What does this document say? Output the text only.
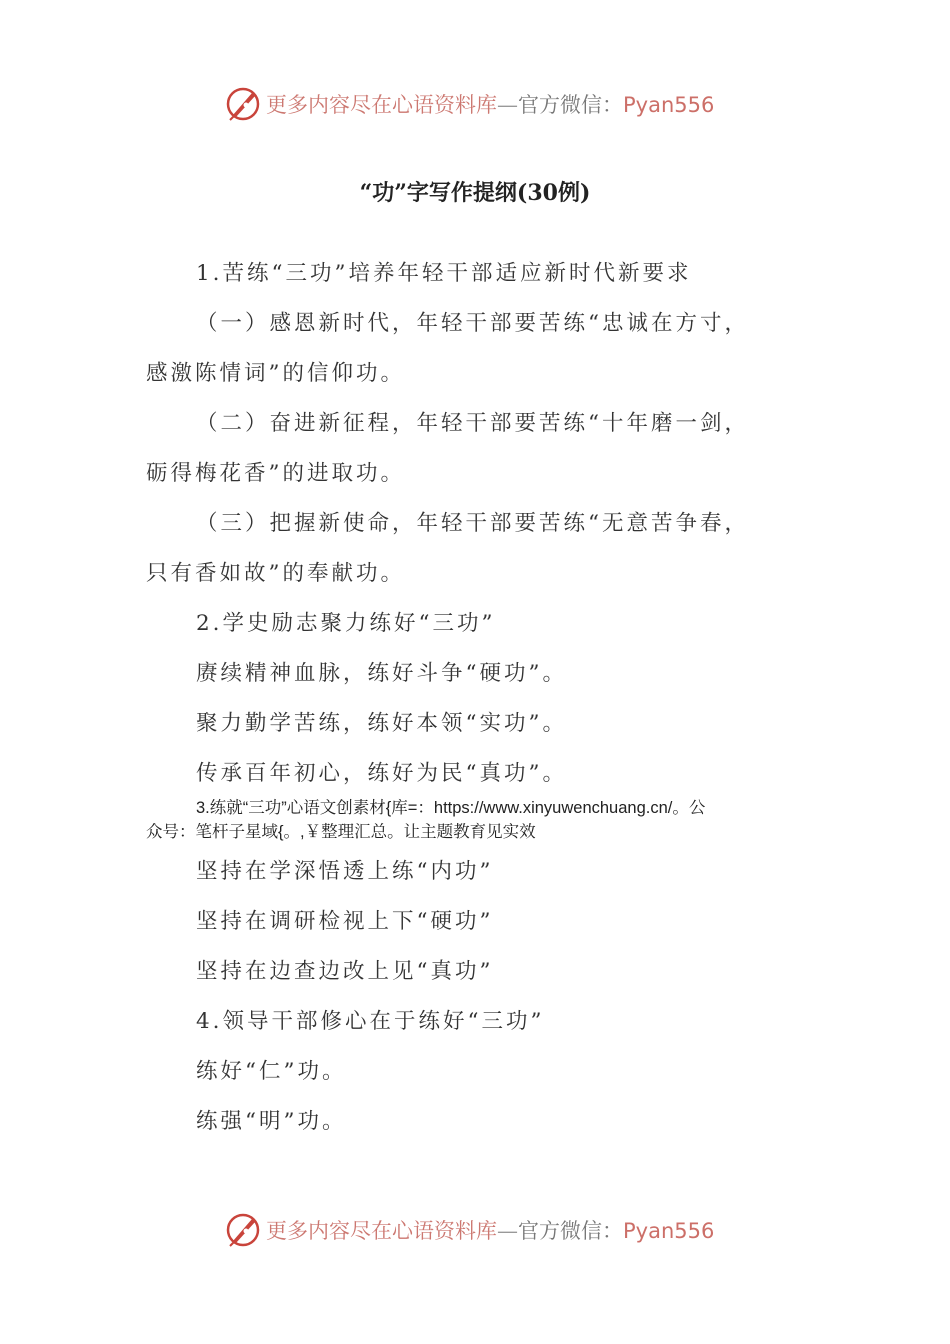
更多内容尽在心语资料库—官方微信：Pyan556
“功”字写作提纲(30例)
1.苦练“三功”培养年轻干部适应新时代新要求
（一）感恩新时代，年轻干部要苦练“忠诚在方寸，
感激陈情词”的信仰功。
（二）奋进新征程，年轻干部要苦练“十年磨一剑，
砺得梅花香”的进取功。
（三）把握新使命，年轻干部要苦练“无意苦争春，
只有香如故”的奉献功。
2.学史励志聚力练好“三功”
赓续精神血脉，练好斗争“硬功”。
聚力勤学苦练，练好本领“实功”。
传承百年初心，练好为民“真功”。
3.练就“三功”心语文创素材{库=：https://www.xinyuwenchuang.cn/。公
众号：笔杆子星域{。,￥整理汇总。让主题教育见实效
坚持在学深悟透上练“内功”
坚持在调研检视上下“硬功”
坚持在边查边改上见“真功”
4.领导干部修心在于练好“三功”
练好“仁”功。
练强“明”功。
更多内容尽在心语资料库—官方微信：Pyan556
